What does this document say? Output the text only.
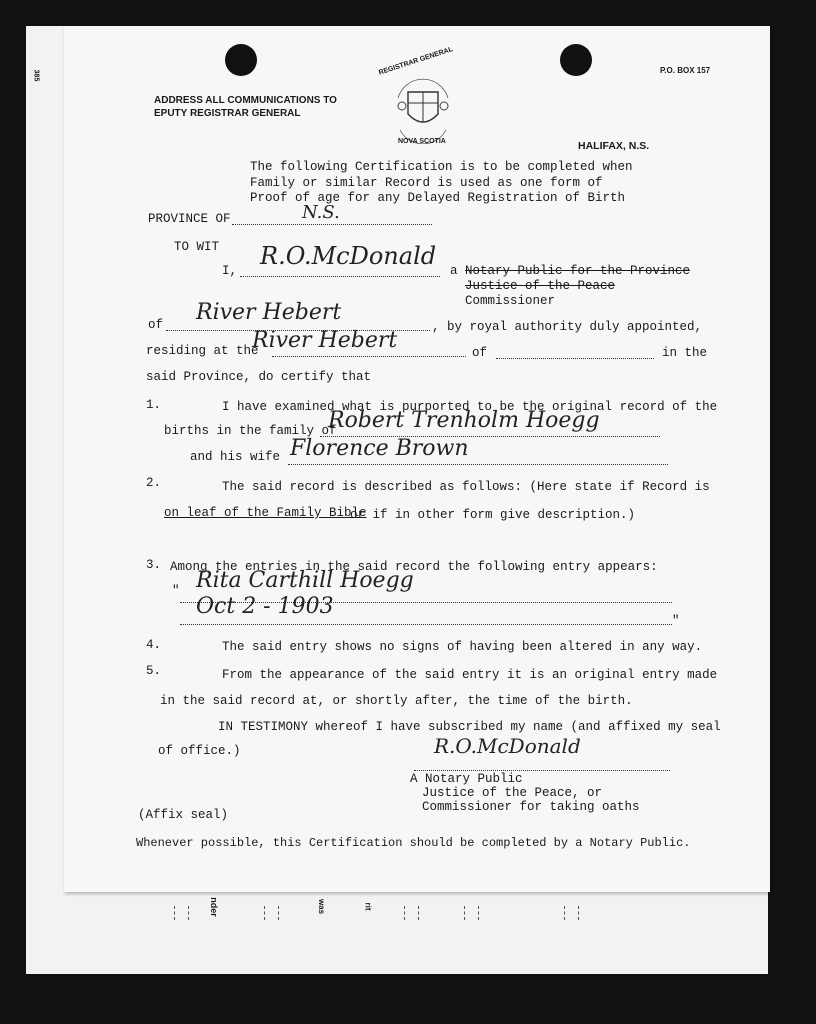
385
nder	was	rit
P.O. BOX 157
ADDRESS ALL COMMUNICATIONS TO
EPUTY REGISTRAR GENERAL
REGISTRAR GENERAL
NOVA SCOTIA	HALIFAX, N.S.
The following Certification is to be completed when
Family or similar Record is used as one form of
Proof of age for any Delayed Registration of Birth
PROVINCE OF	N.S.
TO WIT
I,
R.O.McDonald
a Notary Public for the Province
Justice of the Peace
Commissioner
of River Hebert
, by royal authority duly appointed,
residing at the
River Hebert	of	in the
said Province, do certify that
1.	I have examined what is purported to be the original record of the
births in the family of
Robert Trenholm Hoegg
and his wife Florence Brown
2.	The said record is described as follows: (Here state if Record is
on leaf of the Family Bible
or if in other form give description.)
3. Among the entries in the said record the following entry appears:
" Rita Carthill Hoegg
Oct 2 - 1903
"
4.	The said entry shows no signs of having been altered in any way.
5.	From the appearance of the said entry it is an original entry made
in the said record at, or shortly after, the time of the birth.
IN TESTIMONY whereof I have subscribed my name (and affixed my seal
of office.)	R.O.McDonald
A Notary Public
Justice of the Peace, or
Commissioner for taking oaths
(Affix seal)
Whenever possible, this Certification should be completed by a Notary Public.
